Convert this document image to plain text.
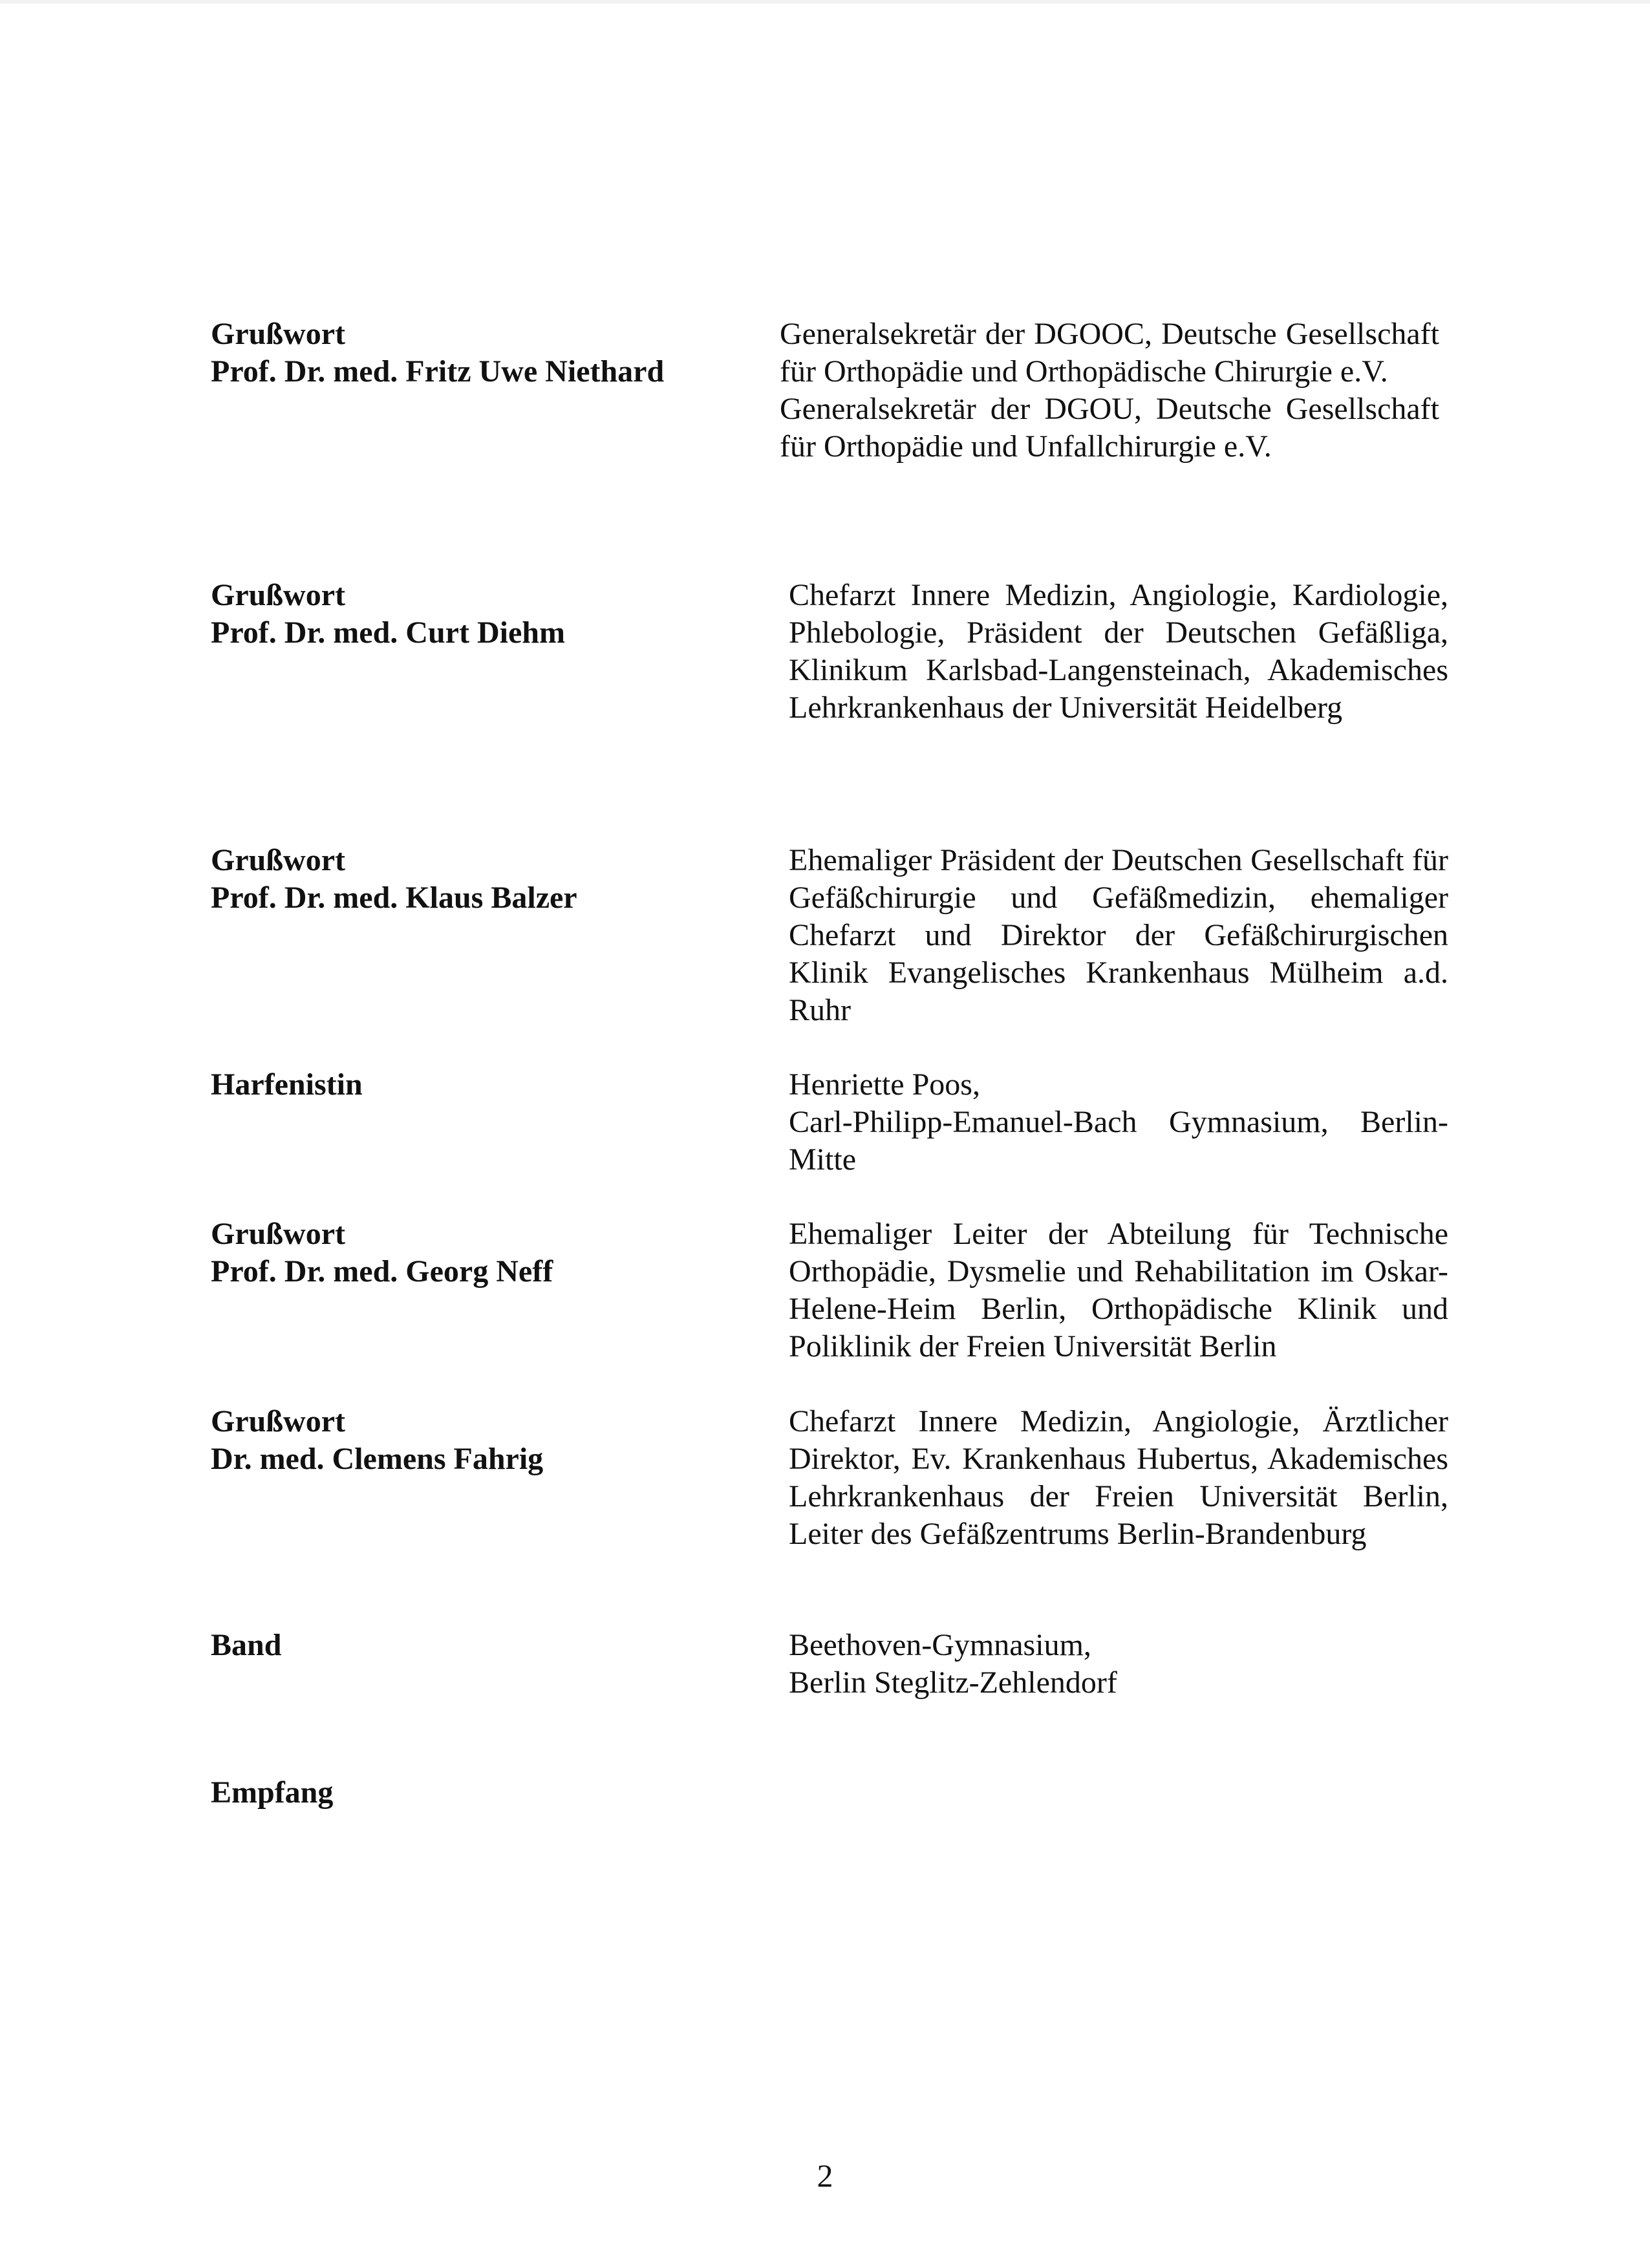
Grußwort
Prof. Dr. med. Fritz Uwe Niethard

Generalsekretär der DGOOC, Deutsche Gesellschaft für Orthopädie und Orthopädische Chirurgie e.V.

Generalsekretär der DGOU, Deutsche Gesellschaft für Orthopädie und Unfallchirurgie e.V.

Grußwort
Prof. Dr. med. Curt Diehm

Chefarzt Innere Medizin, Angiologie, Kardiologie, Phlebologie, Präsident der Deutschen Gefäßliga, Klinikum Karlsbad-Langensteinach, Akademisches Lehrkrankenhaus der Universität Heidelberg

Grußwort
Prof. Dr. med. Klaus Balzer

Ehemaliger Präsident der Deutschen Gesellschaft für Gefäßchirurgie und Gefäßmedizin, ehemaliger Chefarzt und Direktor der Gefäßchirurgischen Klinik Evangelisches Krankenhaus Mülheim a.d. Ruhr

Harfenistin	Henriette Poos,

Carl-Philipp-Emanuel-Bach Gymnasium, Berlin-Mitte

Grußwort
Prof. Dr. med. Georg Neff

Ehemaliger Leiter der Abteilung für Technische Orthopädie, Dysmelie und Rehabilitation im Oskar-Helene-Heim Berlin, Orthopädische Klinik und Poliklinik der Freien Universität Berlin

Grußwort
Dr. med. Clemens Fahrig

Chefarzt Innere Medizin, Angiologie, Ärztlicher Direktor, Ev. Krankenhaus Hubertus, Akademisches Lehrkrankenhaus der Freien Universität Berlin, Leiter des Gefäßzentrums Berlin-Brandenburg

Band	Beethoven-Gymnasium,

Berlin Steglitz-Zehlendorf

Empfang
2
